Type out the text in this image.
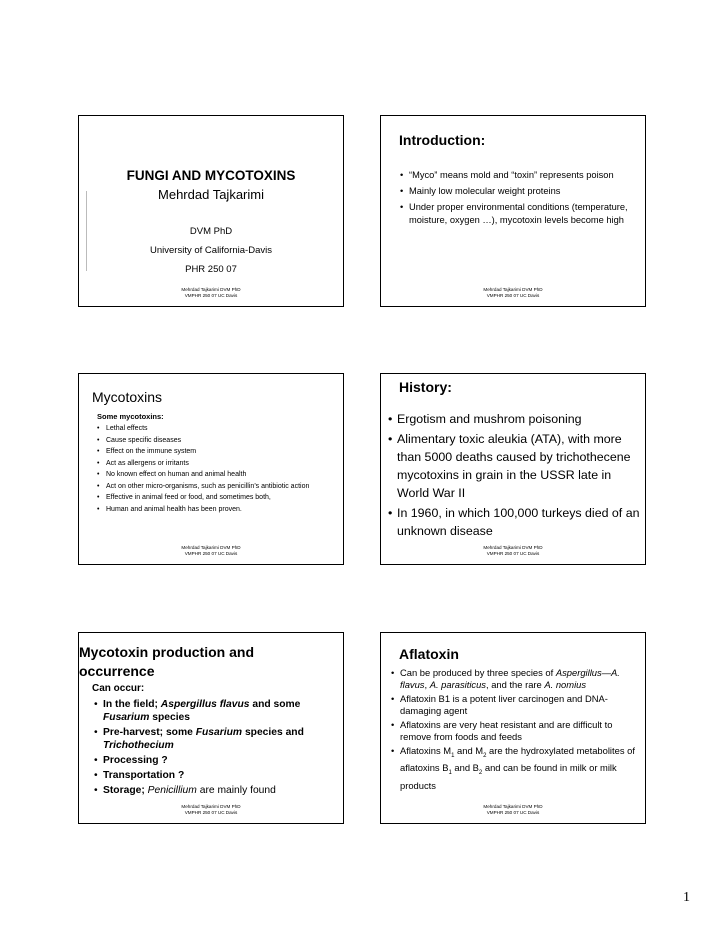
FUNGI AND MYCOTOXINS
Mehrdad Tajkarimi
DVM PhD
University of California-Davis
PHR 250 07
Mehrdad Tajkarimi DVM PhD
VMPHR 250 07 UC Davis
Introduction:
• “Myco” means mold and “toxin” represents poison
• Mainly low molecular weight proteins
• Under proper environmental conditions (temperature, moisture, oxygen …), mycotoxin levels become high
Mehrdad Tajkarimi DVM PhD
VMPHR 250 07 UC Davis
Mycotoxins
Some mycotoxins:
• Lethal effects
• Cause specific diseases
• Effect on the immune system
• Act as allergens or irritants
• No known effect on human and animal health
• Act on other micro-organisms, such as penicillin’s antibiotic action
• Effective in animal feed or food, and sometimes both,
• Human and animal health has been proven.
Mehrdad Tajkarimi DVM PhD
VMPHR 250 07 UC Davis
History:
• Ergotism and mushrom poisoning
• Alimentary toxic aleukia (ATA), with more than 5000 deaths caused by trichothecene mycotoxins in grain in the USSR late in World War II
• In 1960, in which 100,000 turkeys died of an unknown disease
Mehrdad Tajkarimi DVM PhD
VMPHR 250 07 UC Davis
Mycotoxin production and
occurrence
Can occur:
• In the field; Aspergillus flavus and some Fusarium species
• Pre-harvest; some Fusarium species and Trichothecium
• Processing ?
• Transportation ?
• Storage; Penicillium are mainly found
Mehrdad Tajkarimi DVM PhD
VMPHR 250 07 UC Davis
Aflatoxin
• Can be produced by three species of Aspergillus—A. flavus, A. parasiticus, and the rare A. nomius
• Aflatoxin B1 is a potent liver carcinogen and DNA-damaging agent
• Aflatoxins are very heat resistant and are difficult to remove from foods and feeds
• Aflatoxins $M_1$ and $M_2$ are the hydroxylated metabolites of aflatoxins $B_1$ and $B_2$ and can be found in milk or milk products
Mehrdad Tajkarimi DVM PhD
VMPHR 250 07 UC Davis
1
